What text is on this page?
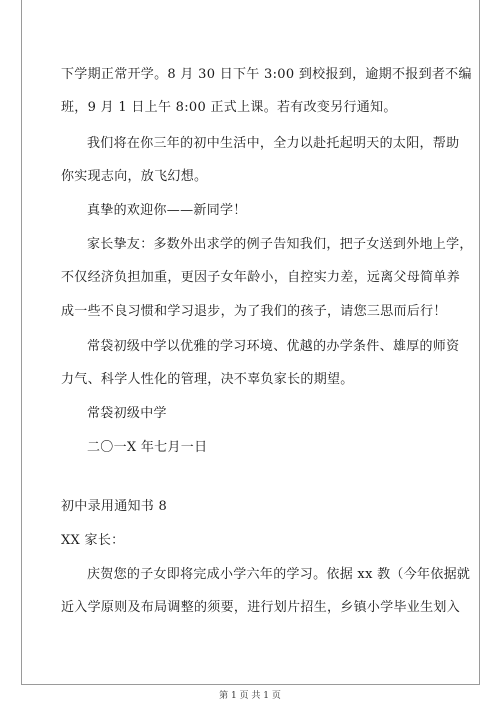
下学期正常开学。8 月 30 日下午 3:00 到校报到，逾期不报到者不编
班，9 月 1 日上午 8:00 正式上课。若有改变另行通知。
我们将在你三年的初中生活中，全力以赴托起明天的太阳，帮助
你实现志向，放飞幻想。
真挚的欢迎你——新同学！
家长挚友：多数外出求学的例子告知我们，把子女送到外地上学，
不仅经济负担加重，更因子女年龄小，自控实力差，远离父母简单养
成一些不良习惯和学习退步，为了我们的孩子，请您三思而后行！
常袋初级中学以优雅的学习环境、优越的办学条件、雄厚的师资
力气、科学人性化的管理，决不辜负家长的期望。
常袋初级中学
二〇一X 年七月一日
初中录用通知书 8
XX 家长：
庆贺您的子女即将完成小学六年的学习。依据 xx 教（今年依据就
近入学原则及布局调整的须要，进行划片招生，乡镇小学毕业生划入
第 1 页 共 1 页
